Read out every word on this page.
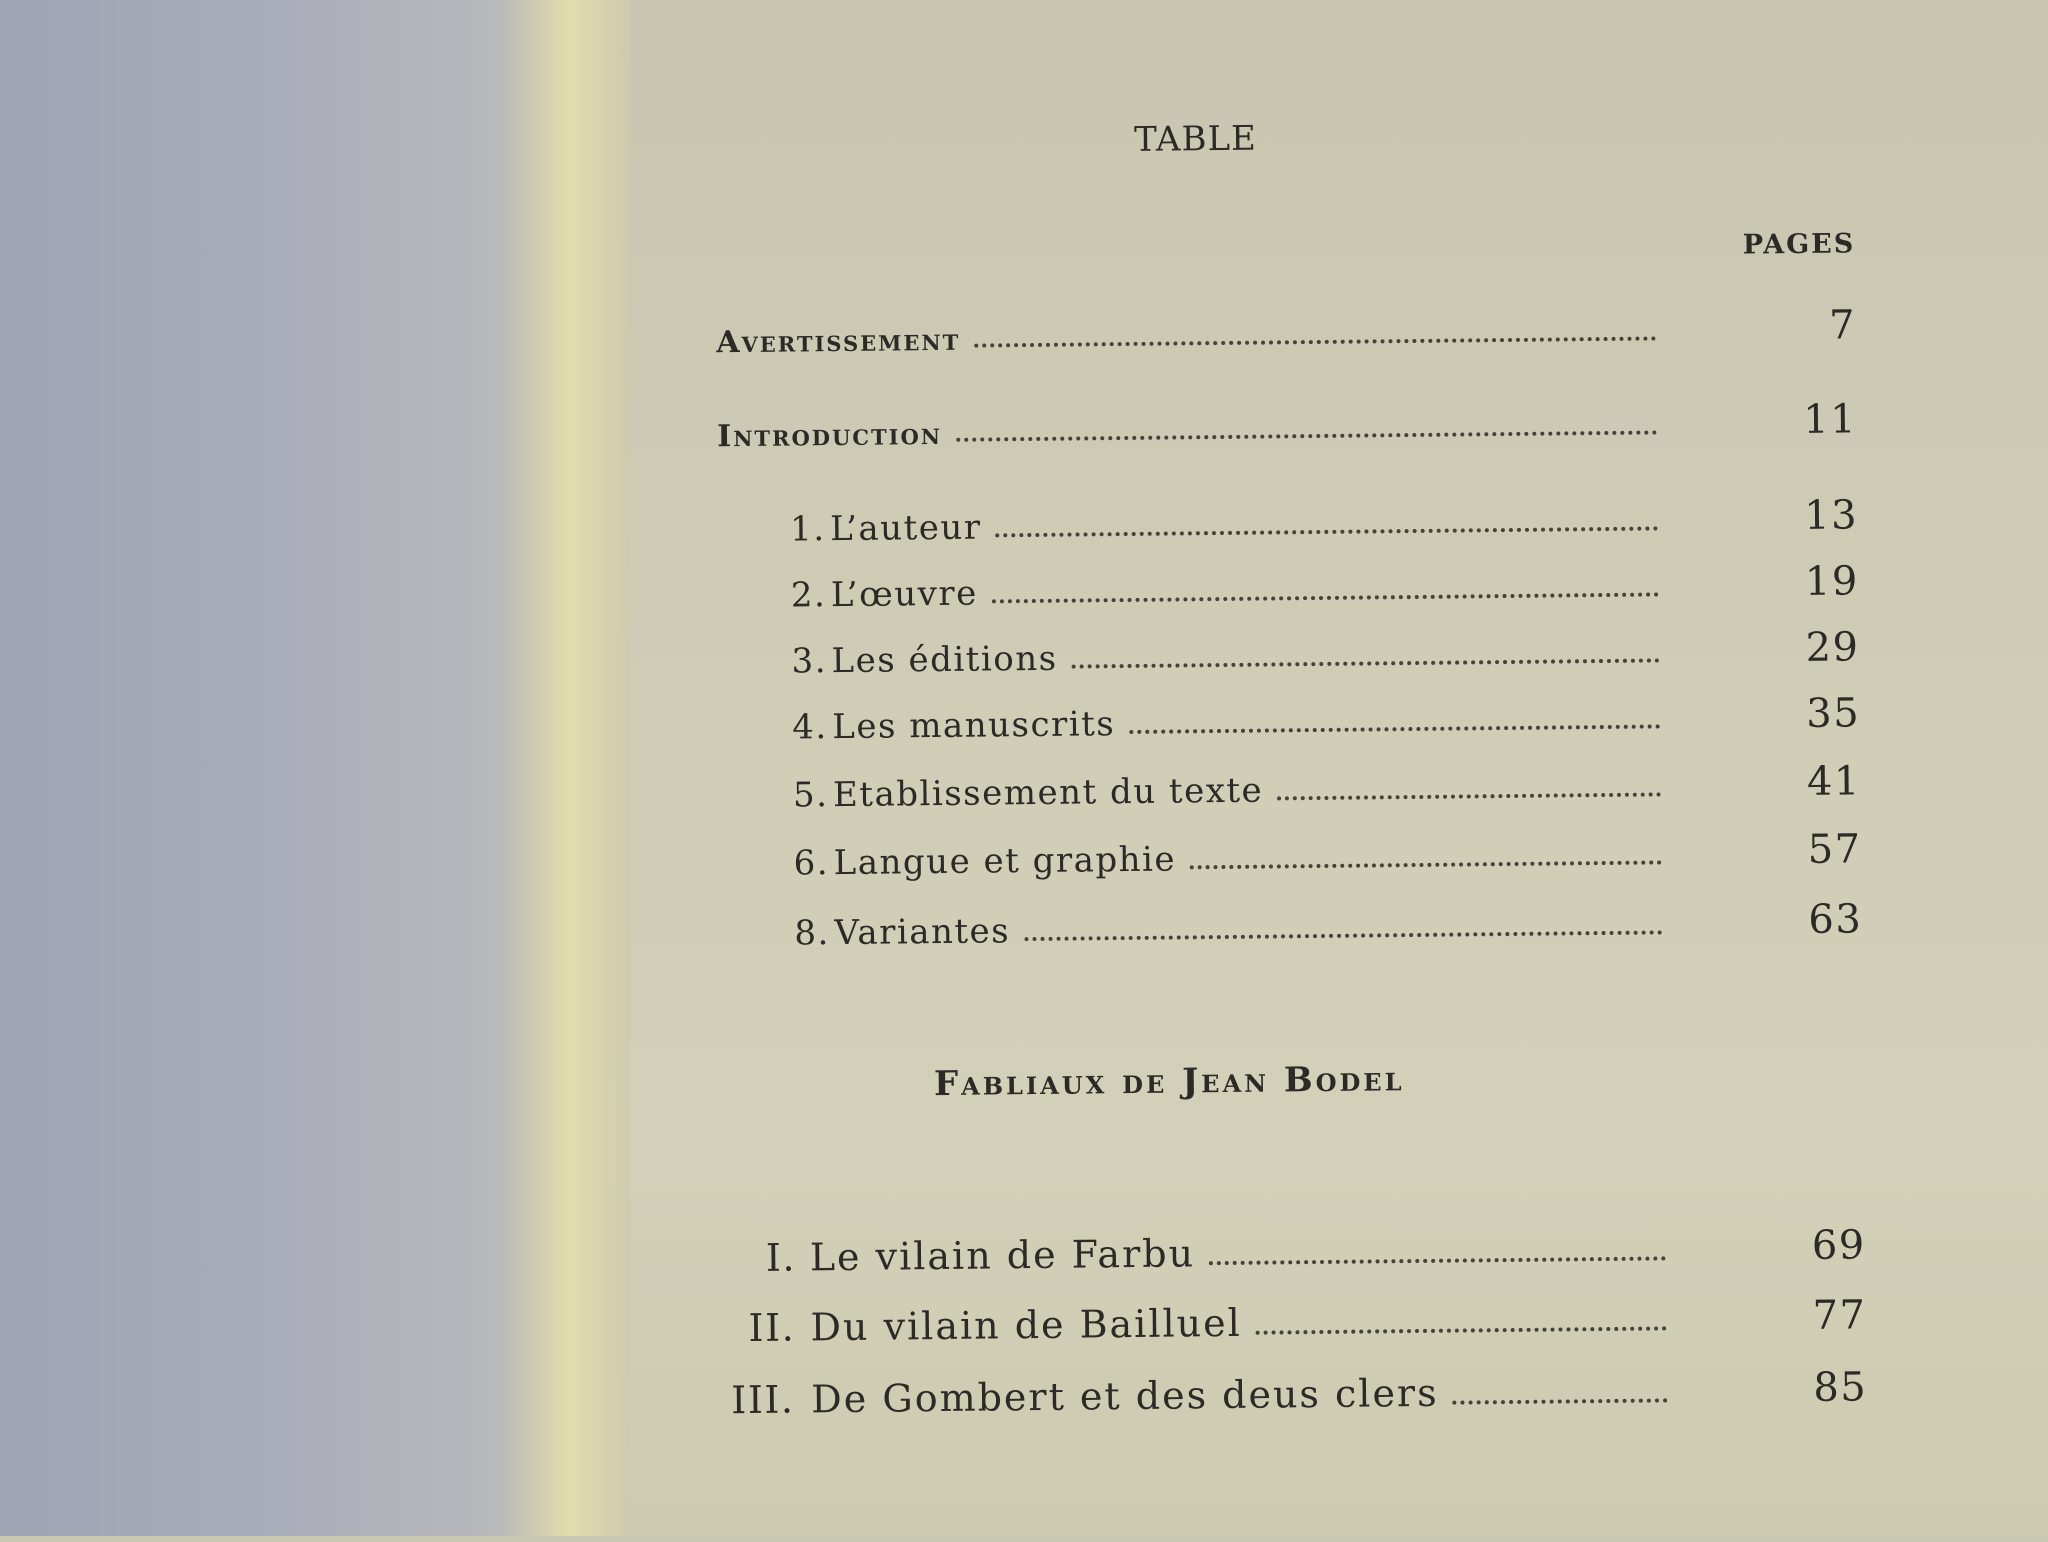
TABLE
PAGES
Avertissement	7
Introduction	11
1. L’auteur	13
2. L’œuvre	19
3. Les éditions	29
4. Les manuscrits	35
5. Etablissement du texte	41
6. Langue et graphie	57
8. Variantes	63
Fabliaux de Jean Bodel
I. Le vilain de Farbu	69
II. Du vilain de Bailluel	77
III. De Gombert et des deus clers	85
